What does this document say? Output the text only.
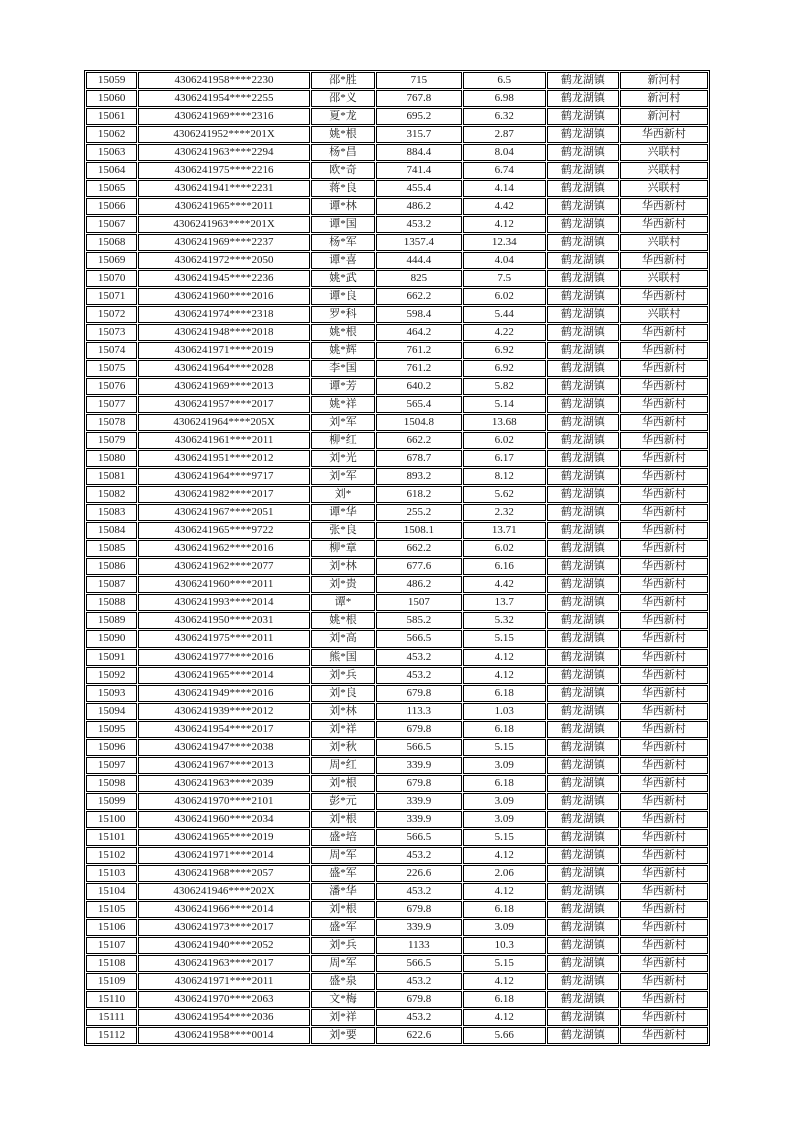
15059	4306241958****2230	邵*胜	715	6.5	鹤龙湖镇	新河村
15060	4306241954****2255	邵*义	767.8	6.98	鹤龙湖镇	新河村
15061	4306241969****2316	夏*龙	695.2	6.32	鹤龙湖镇	新河村
15062	4306241952****201X	姚*根	315.7	2.87	鹤龙湖镇	华西新村
15063	4306241963****2294	杨*昌	884.4	8.04	鹤龙湖镇	兴联村
15064	4306241975****2216	欧*奇	741.4	6.74	鹤龙湖镇	兴联村
15065	4306241941****2231	蒋*良	455.4	4.14	鹤龙湖镇	兴联村
15066	4306241965****2011	谭*林	486.2	4.42	鹤龙湖镇	华西新村
15067	4306241963****201X	谭*国	453.2	4.12	鹤龙湖镇	华西新村
15068	4306241969****2237	杨*军	1357.4	12.34	鹤龙湖镇	兴联村
15069	4306241972****2050	谭*喜	444.4	4.04	鹤龙湖镇	华西新村
15070	4306241945****2236	姚*武	825	7.5	鹤龙湖镇	兴联村
15071	4306241960****2016	谭*良	662.2	6.02	鹤龙湖镇	华西新村
15072	4306241974****2318	罗*科	598.4	5.44	鹤龙湖镇	兴联村
15073	4306241948****2018	姚*根	464.2	4.22	鹤龙湖镇	华西新村
15074	4306241971****2019	姚*辉	761.2	6.92	鹤龙湖镇	华西新村
15075	4306241964****2028	李*国	761.2	6.92	鹤龙湖镇	华西新村
15076	4306241969****2013	谭*芳	640.2	5.82	鹤龙湖镇	华西新村
15077	4306241957****2017	姚*祥	565.4	5.14	鹤龙湖镇	华西新村
15078	4306241964****205X	刘*军	1504.8	13.68	鹤龙湖镇	华西新村
15079	4306241961****2011	柳*红	662.2	6.02	鹤龙湖镇	华西新村
15080	4306241951****2012	刘*光	678.7	6.17	鹤龙湖镇	华西新村
15081	4306241964****9717	刘*军	893.2	8.12	鹤龙湖镇	华西新村
15082	4306241982****2017	刘*	618.2	5.62	鹤龙湖镇	华西新村
15083	4306241967****2051	谭*华	255.2	2.32	鹤龙湖镇	华西新村
15084	4306241965****9722	张*良	1508.1	13.71	鹤龙湖镇	华西新村
15085	4306241962****2016	柳*章	662.2	6.02	鹤龙湖镇	华西新村
15086	4306241962****2077	刘*林	677.6	6.16	鹤龙湖镇	华西新村
15087	4306241960****2011	刘*贵	486.2	4.42	鹤龙湖镇	华西新村
15088	4306241993****2014	谭*	1507	13.7	鹤龙湖镇	华西新村
15089	4306241950****2031	姚*根	585.2	5.32	鹤龙湖镇	华西新村
15090	4306241975****2011	刘*高	566.5	5.15	鹤龙湖镇	华西新村
15091	4306241977****2016	熊*国	453.2	4.12	鹤龙湖镇	华西新村
15092	4306241965****2014	刘*兵	453.2	4.12	鹤龙湖镇	华西新村
15093	4306241949****2016	刘*良	679.8	6.18	鹤龙湖镇	华西新村
15094	4306241939****2012	刘*林	113.3	1.03	鹤龙湖镇	华西新村
15095	4306241954****2017	刘*祥	679.8	6.18	鹤龙湖镇	华西新村
15096	4306241947****2038	刘*秋	566.5	5.15	鹤龙湖镇	华西新村
15097	4306241967****2013	周*红	339.9	3.09	鹤龙湖镇	华西新村
15098	4306241963****2039	刘*根	679.8	6.18	鹤龙湖镇	华西新村
15099	4306241970****2101	彭*元	339.9	3.09	鹤龙湖镇	华西新村
15100	4306241960****2034	刘*根	339.9	3.09	鹤龙湖镇	华西新村
15101	4306241965****2019	盛*培	566.5	5.15	鹤龙湖镇	华西新村
15102	4306241971****2014	周*军	453.2	4.12	鹤龙湖镇	华西新村
15103	4306241968****2057	盛*军	226.6	2.06	鹤龙湖镇	华西新村
15104	4306241946****202X	潘*华	453.2	4.12	鹤龙湖镇	华西新村
15105	4306241966****2014	刘*根	679.8	6.18	鹤龙湖镇	华西新村
15106	4306241973****2017	盛*军	339.9	3.09	鹤龙湖镇	华西新村
15107	4306241940****2052	刘*兵	1133	10.3	鹤龙湖镇	华西新村
15108	4306241963****2017	周*军	566.5	5.15	鹤龙湖镇	华西新村
15109	4306241971****2011	盛*泉	453.2	4.12	鹤龙湖镇	华西新村
15110	4306241970****2063	文*梅	679.8	6.18	鹤龙湖镇	华西新村
15111	4306241954****2036	刘*祥	453.2	4.12	鹤龙湖镇	华西新村
15112	4306241958****0014	刘*要	622.6	5.66	鹤龙湖镇	华西新村
